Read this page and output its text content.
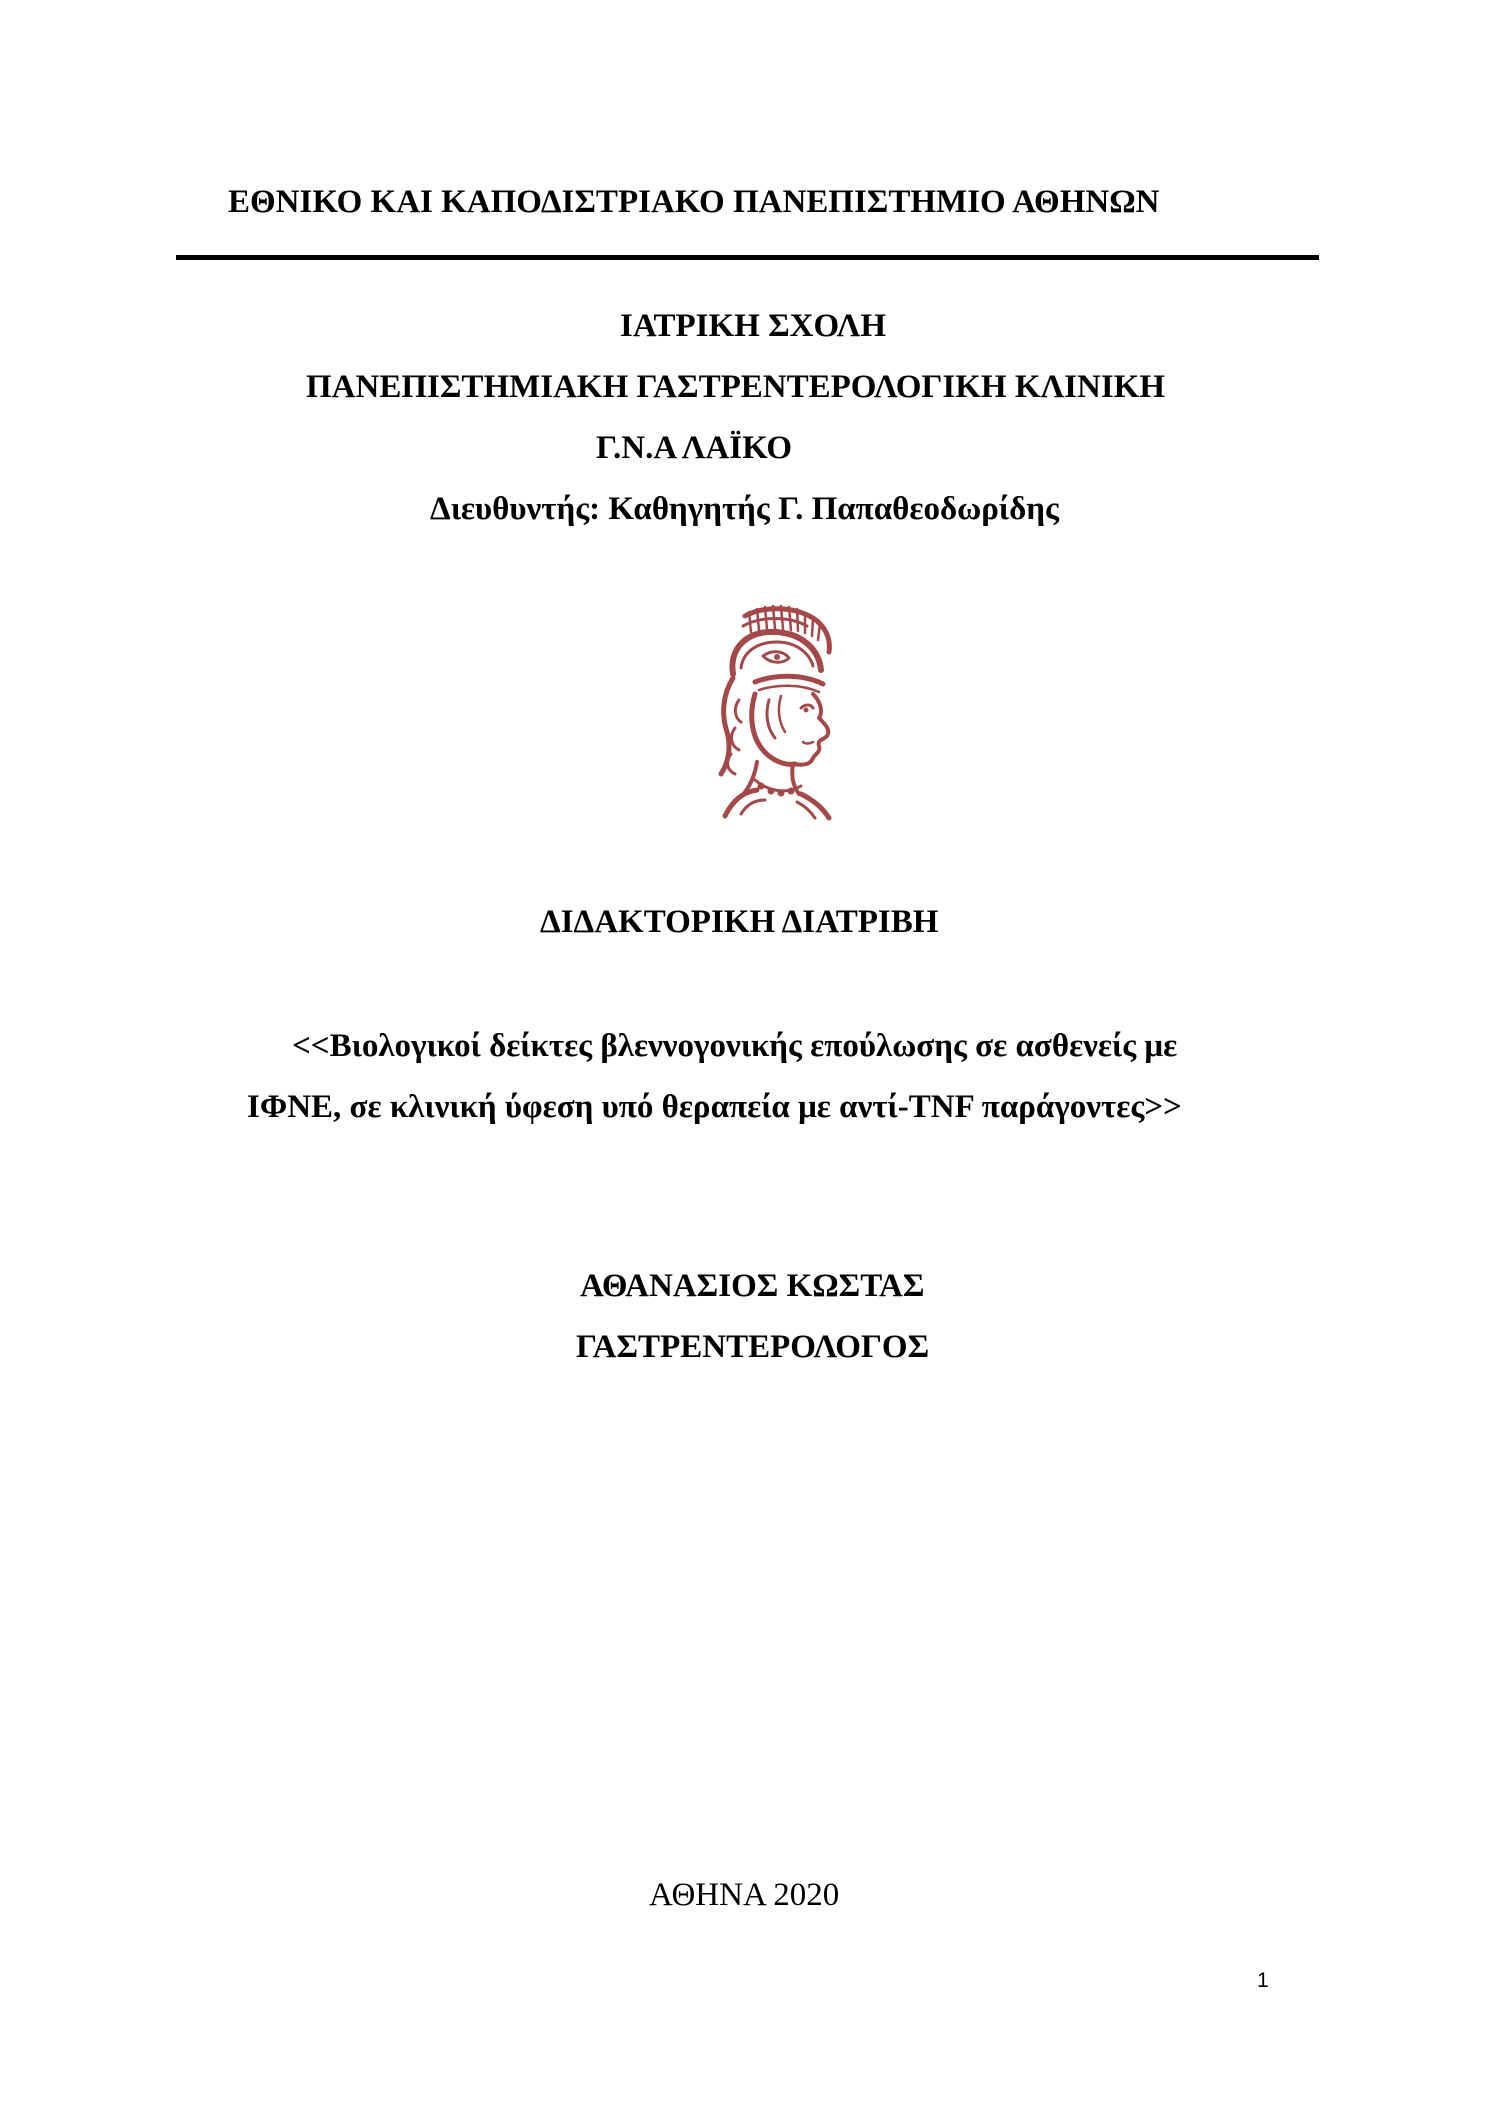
ΕΘΝΙΚΟ ΚΑΙ ΚΑΠΟΔΙΣΤΡΙΑΚΟ ΠΑΝΕΠΙΣΤΗΜΙΟ ΑΘΗΝΩΝ
ΙΑΤΡΙΚΗ ΣΧΟΛΗ
ΠΑΝΕΠΙΣΤΗΜΙΑΚΗ ΓΑΣΤΡΕΝΤΕΡΟΛΟΓΙΚΗ ΚΛΙΝΙΚΗ
Γ.Ν.Α ΛΑΪΚΟ
Διευθυντής: Καθηγητής Γ. Παπαθεοδωρίδης
ΔΙΔΑΚΤΟΡΙΚΗ ΔΙΑΤΡΙΒΗ
<<Βιολογικοί δείκτες βλεννογονικής επούλωσης σε ασθενείς με
ΙΦΝΕ, σε κλινική ύφεση υπό θεραπεία με αντί-TNF παράγοντες>>
ΑΘΑΝΑΣΙΟΣ ΚΩΣΤΑΣ
ΓΑΣΤΡΕΝΤΕΡΟΛΟΓΟΣ
ΑΘΗΝΑ 2020
1
